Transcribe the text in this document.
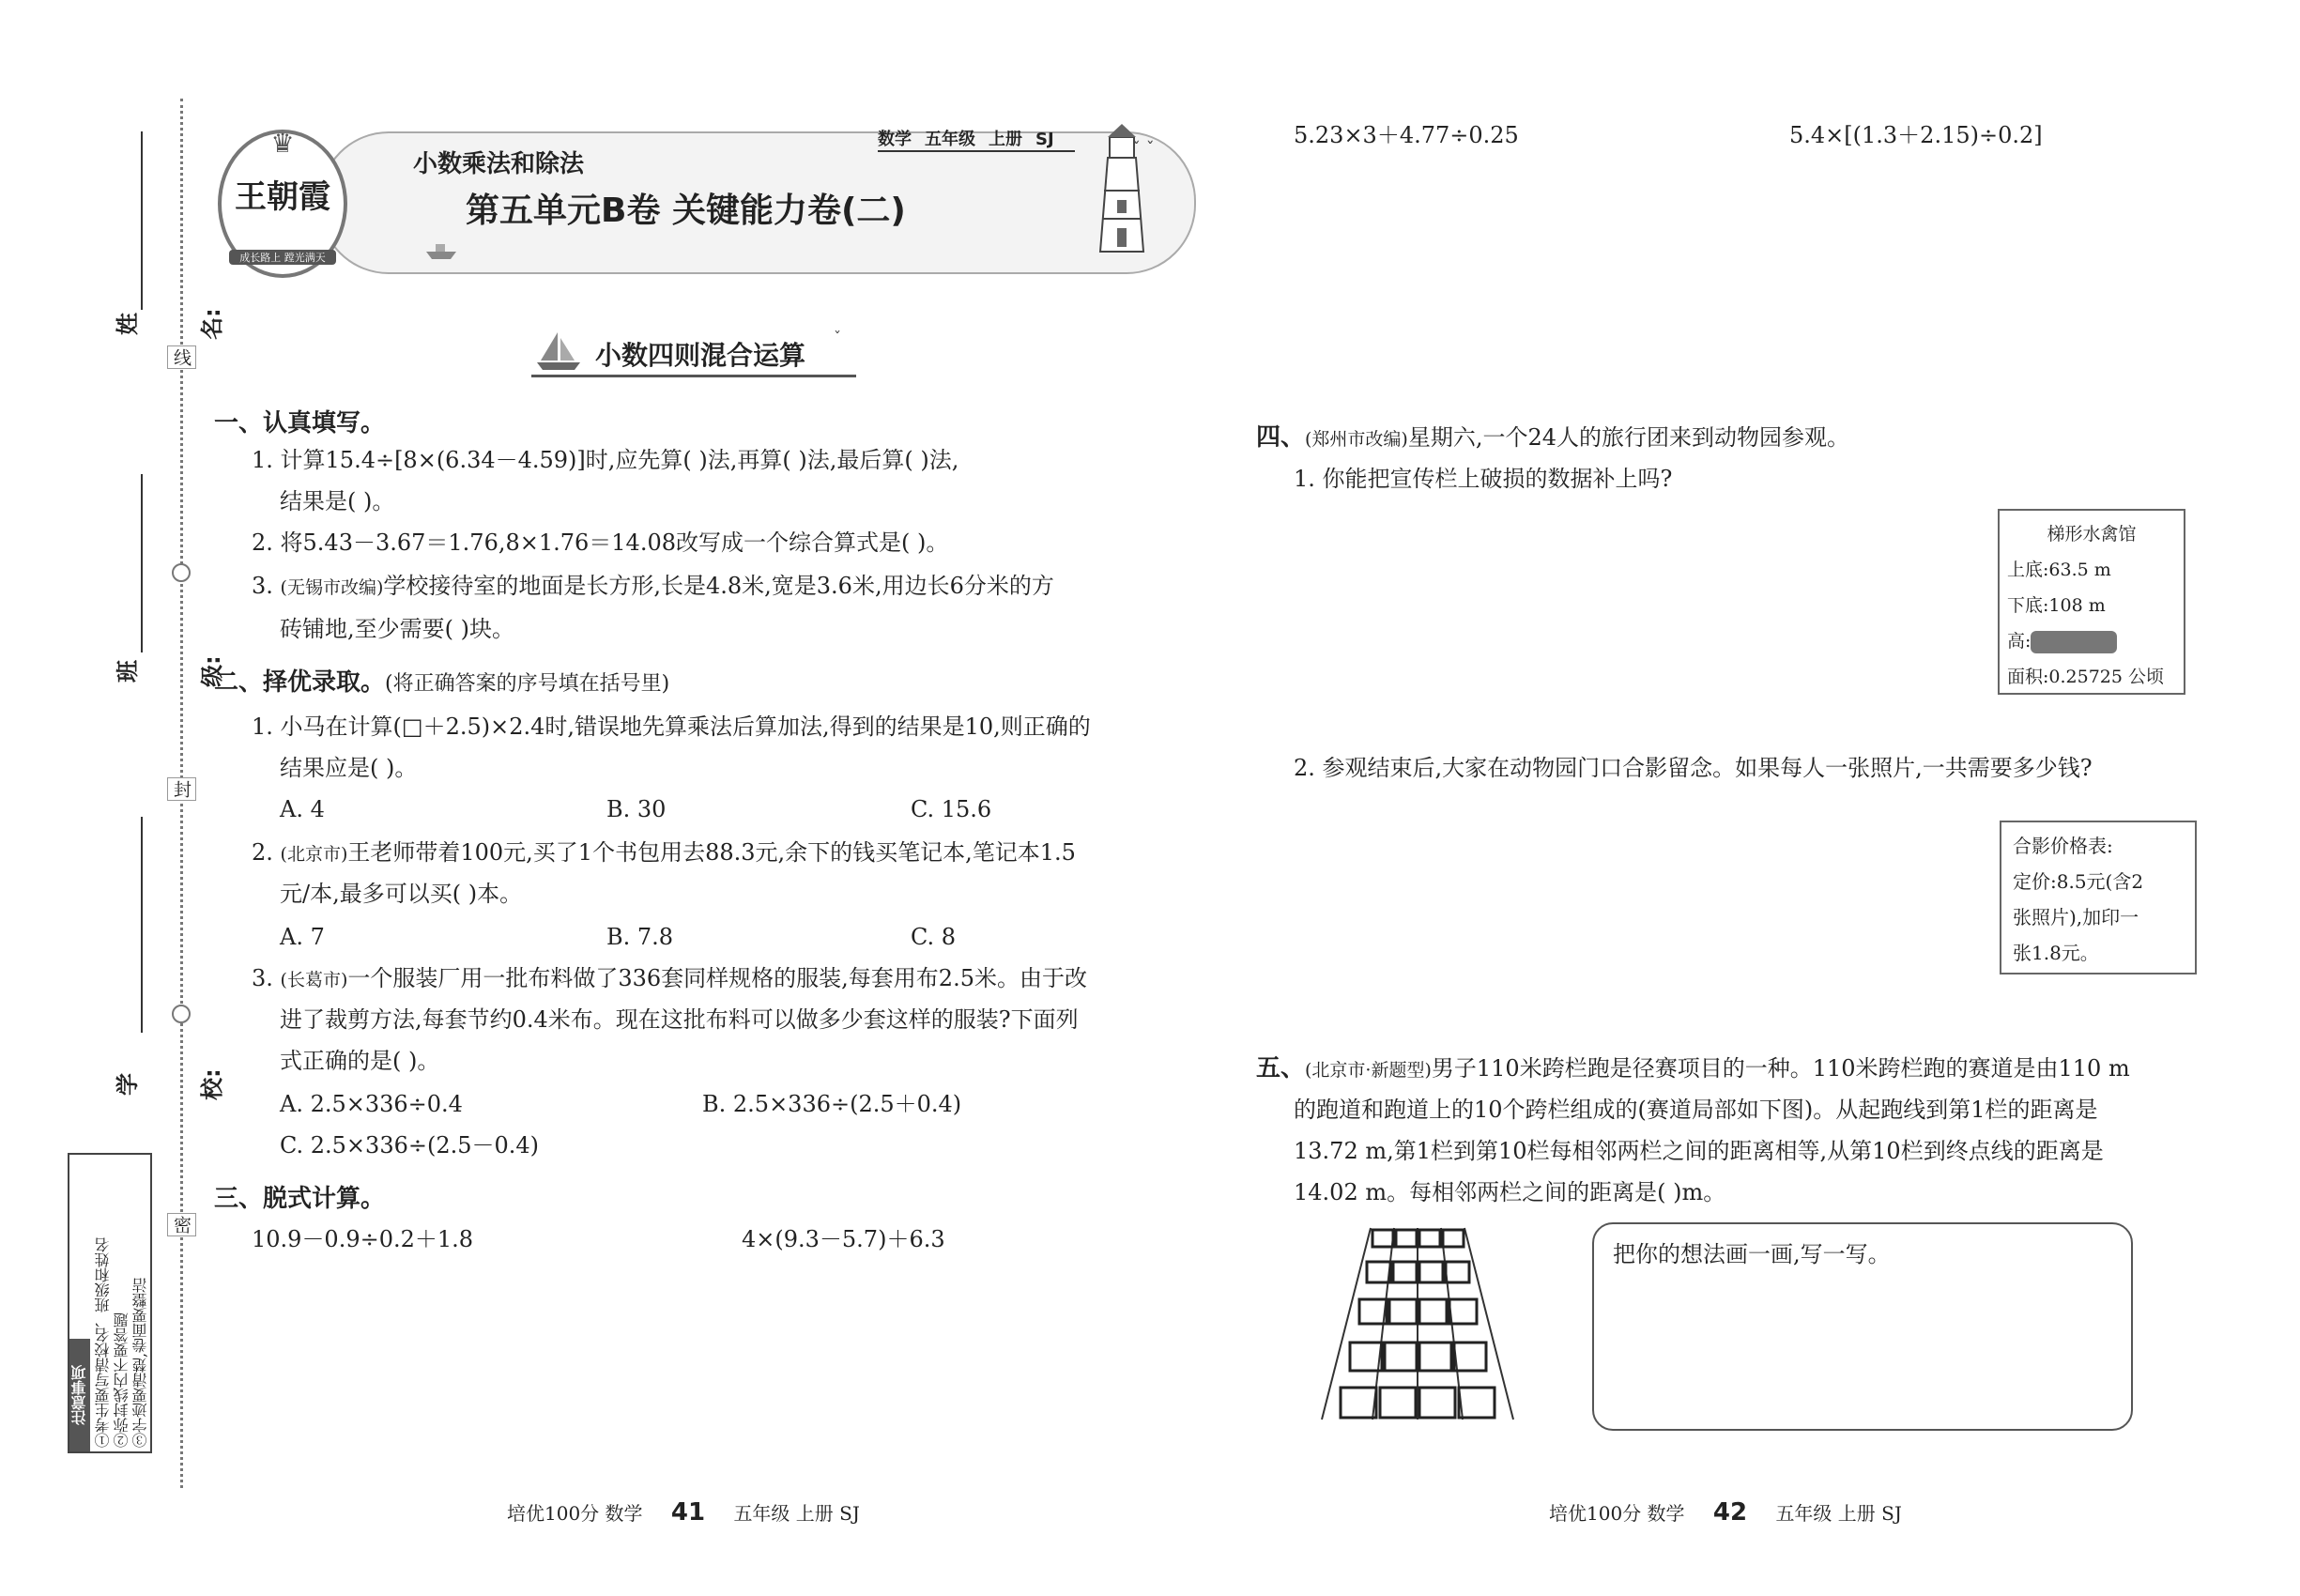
线
封
密
姓 名:
班 级:
学 校:
注意事项 ①考生要写清校名、班级和姓名 ②弥封线内不要答题 ③字迹要清楚,卷面要整洁
♛
王朝霞
成长路上 蹚光满天
数学 五年级 上册 SJ
小数乘法和除法
第五单元B卷 关键能力卷(二)
ˇ ˇ
小数四则混合运算
ˇ
一、认真填写。
1. 计算15.4÷[8×(6.34－4.59)]时,应先算( )法,再算( )法,最后算( )法,
结果是( )。
2. 将5.43－3.67＝1.76,8×1.76＝14.08改写成一个综合算式是( )。
3. (无锡市改编)学校接待室的地面是长方形,长是4.8米,宽是3.6米,用边长6分米的方
砖铺地,至少需要( )块。
二、择优录取。(将正确答案的序号填在括号里)
1. 小马在计算(□＋2.5)×2.4时,错误地先算乘法后算加法,得到的结果是10,则正确的
结果应是( )。
A. 4	B. 30	C. 15.6
2. (北京市)王老师带着100元,买了1个书包用去88.3元,余下的钱买笔记本,笔记本1.5
元/本,最多可以买( )本。
A. 7	B. 7.8	C. 8
3. (长葛市)一个服装厂用一批布料做了336套同样规格的服装,每套用布2.5米。由于改
进了裁剪方法,每套节约0.4米布。现在这批布料可以做多少套这样的服装?下面列
式正确的是( )。
A. 2.5×336÷0.4	B. 2.5×336÷(2.5＋0.4)
C. 2.5×336÷(2.5－0.4)
三、脱式计算。
10.9－0.9÷0.2＋1.8	4×(9.3－5.7)＋6.3
培优100分 数学 41 五年级 上册 SJ
5.23×3＋4.77÷0.25	5.4×[(1.3＋2.15)÷0.2]
四、(郑州市改编)星期六,一个24人的旅行团来到动物园参观。
1. 你能把宣传栏上破损的数据补上吗?
梯形水禽馆
上底:63.5 m
下底:108 m
高:
面积:0.25725 公顷
2. 参观结束后,大家在动物园门口合影留念。如果每人一张照片,一共需要多少钱?
合影价格表:
定价:8.5元(含2
张照片),加印一
张1.8元。
五、(北京市·新题型)男子110米跨栏跑是径赛项目的一种。110米跨栏跑的赛道是由110 m
的跑道和跑道上的10个跨栏组成的(赛道局部如下图)。从起跑线到第1栏的距离是
13.72 m,第1栏到第10栏每相邻两栏之间的距离相等,从第10栏到终点线的距离是
14.02 m。每相邻两栏之间的距离是( )m。
把你的想法画一画,写一写。
培优100分 数学 42 五年级 上册 SJ
